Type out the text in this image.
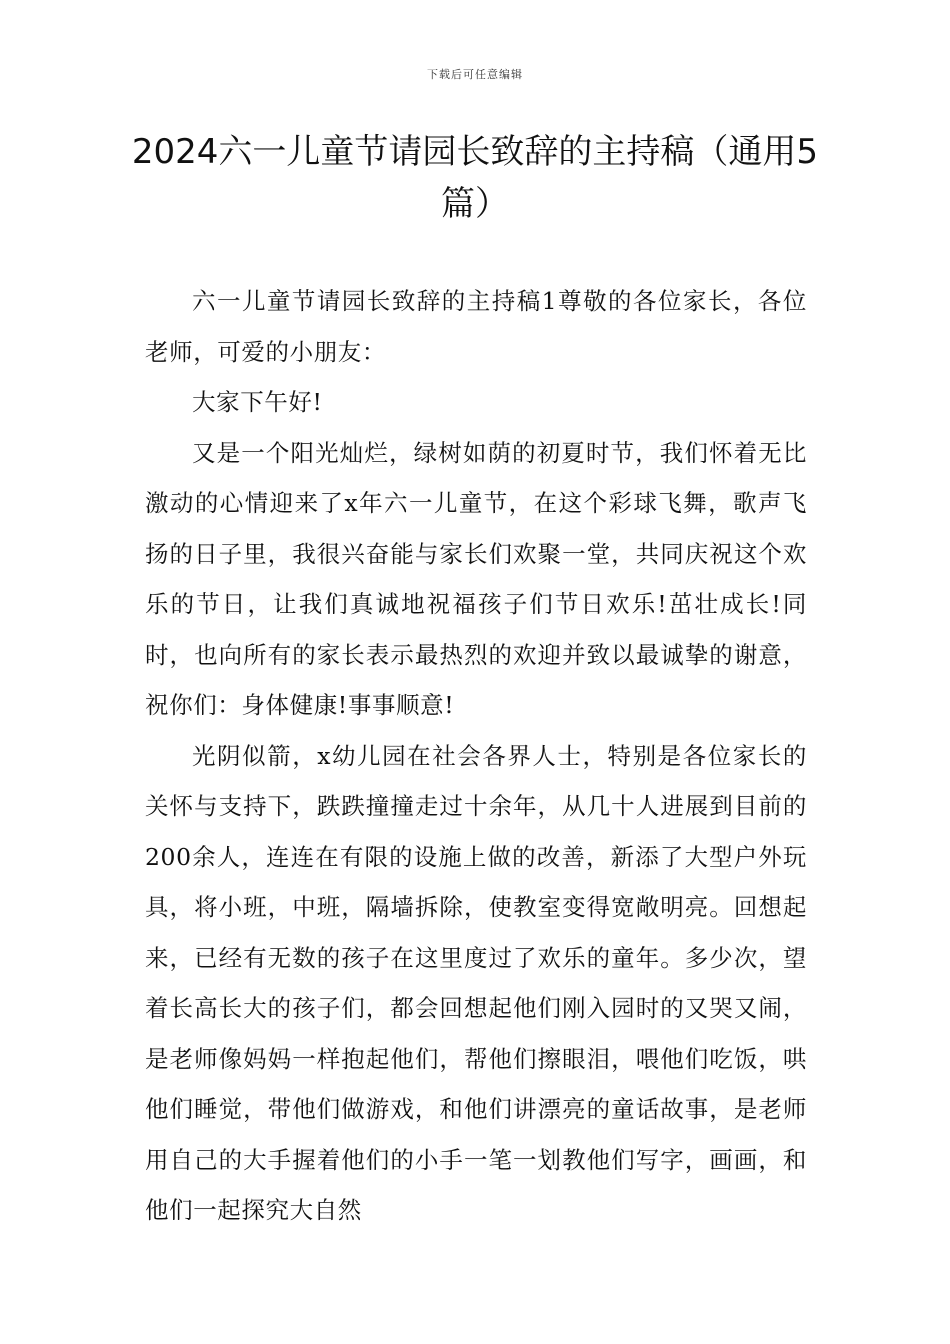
下载后可任意编辑
2024六一儿童节请园长致辞的主持稿（通用5篇）

六一儿童节请园长致辞的主持稿1尊敬的各位家长，各位老师，可爱的小朋友：

大家下午好!

又是一个阳光灿烂，绿树如荫的初夏时节，我们怀着无比激动的心情迎来了x年六一儿童节，在这个彩球飞舞，歌声飞扬的日子里，我很兴奋能与家长们欢聚一堂，共同庆祝这个欢乐的节日，让我们真诚地祝福孩子们节日欢乐!茁壮成长!同时，也向所有的家长表示最热烈的欢迎并致以最诚挚的谢意，祝你们：身体健康!事事顺意!

光阴似箭，x幼儿园在社会各界人士，特别是各位家长的关怀与支持下，跌跌撞撞走过十余年，从几十人进展到目前的200余人，连连在有限的设施上做的改善，新添了大型户外玩具，将小班，中班，隔墙拆除，使教室变得宽敞明亮。回想起来，已经有无数的孩子在这里度过了欢乐的童年。多少次，望着长高长大的孩子们，都会回想起他们刚入园时的又哭又闹，是老师像妈妈一样抱起他们，帮他们擦眼泪，喂他们吃饭，哄他们睡觉，带他们做游戏，和他们讲漂亮的童话故事，是老师用自己的大手握着他们的小手一笔一划教他们写字，画画，和他们一起探究大自然
